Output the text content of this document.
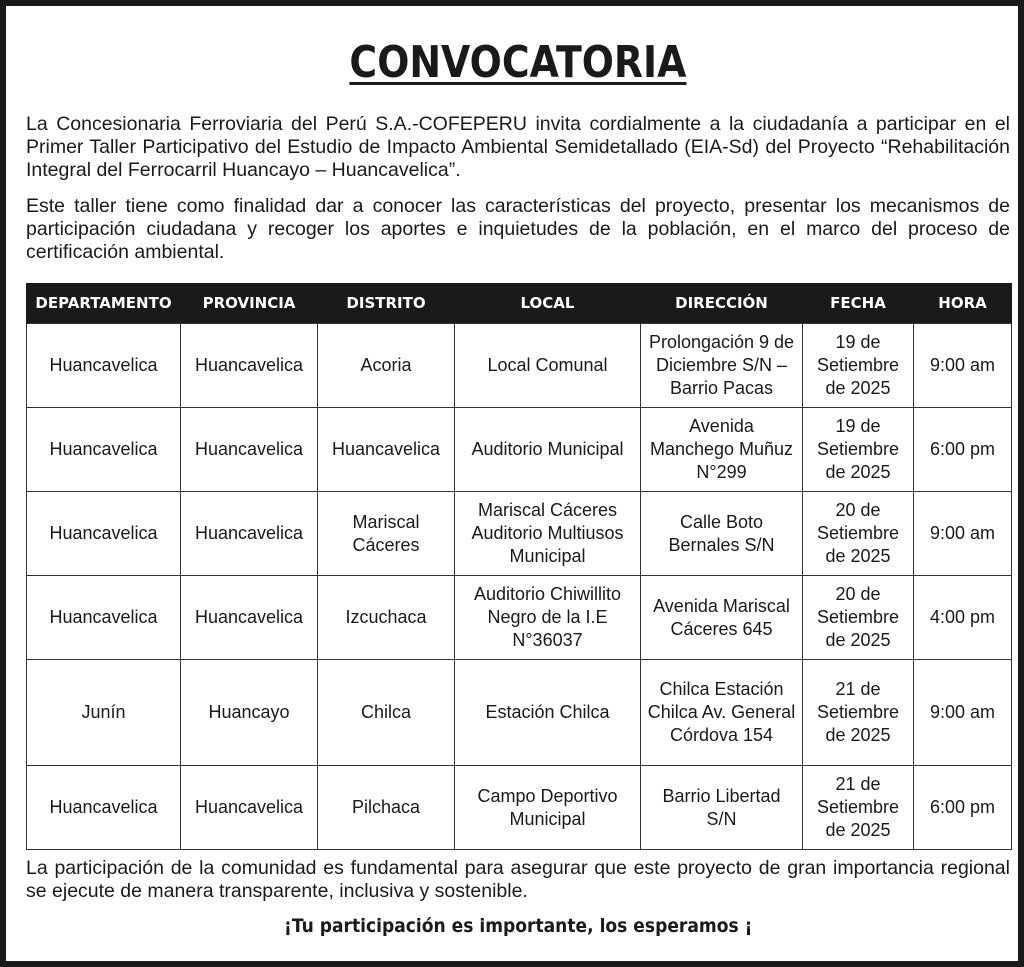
CONVOCATORIA

La Concesionaria Ferroviaria del Perú S.A.-COFEPERU invita cordialmente a la ciudadanía a participar en el Primer Taller Participativo del Estudio de Impacto Ambiental Semidetallado (EIA-Sd) del Proyecto “Rehabilitación Integral del Ferrocarril Huancayo – Huancavelica”.

Este taller tiene como finalidad dar a conocer las características del proyecto, presentar los mecanismos de participación ciudadana y recoger los aportes e inquietudes de la población, en el marco del proceso de certificación ambiental.

DEPARTAMENTO	PROVINCIA	DISTRITO	LOCAL	DIRECCIÓN	FECHA	HORA
Huancavelica	Huancavelica	Acoria	Local Comunal	Prolongación 9 de Diciembre S/N – Barrio Pacas	19 de Setiembre de 2025	9:00 am
Huancavelica	Huancavelica	Huancavelica	Auditorio Municipal	Avenida Manchego Muñuz N°299	19 de Setiembre de 2025	6:00 pm
Huancavelica	Huancavelica	Mariscal Cáceres	Mariscal Cáceres Auditorio Multiusos Municipal	Calle Boto Bernales S/N	20 de Setiembre de 2025	9:00 am
Huancavelica	Huancavelica	Izcuchaca	Auditorio Chiwillito Negro de la I.E N°36037	Avenida Mariscal Cáceres 645	20 de Setiembre de 2025	4:00 pm
Junín	Huancayo	Chilca	Estación Chilca	Chilca Estación Chilca Av. General Córdova 154	21 de Setiembre de 2025	9:00 am
Huancavelica	Huancavelica	Pilchaca	Campo Deportivo Municipal	Barrio Libertad S/N	21 de Setiembre de 2025	6:00 pm

La participación de la comunidad es fundamental para asegurar que este proyecto de gran importancia regional se ejecute de manera transparente, inclusiva y sostenible.

¡Tu participación es importante, los esperamos ¡
